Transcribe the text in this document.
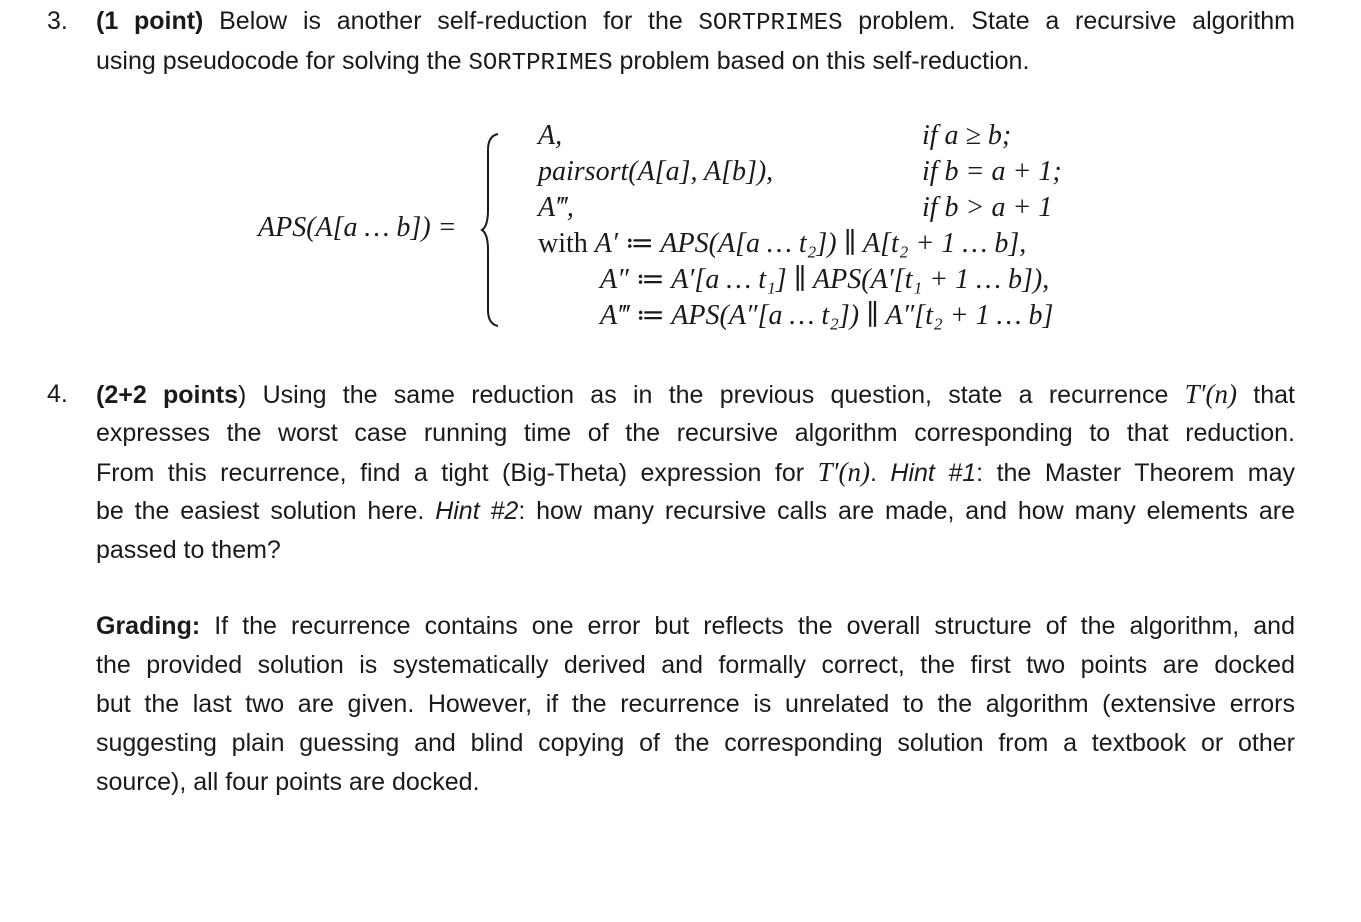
3. (1 point) Below is another self-reduction for the SORTPRIMES problem. State a recursive algorithm
using pseudocode for solving the SORTPRIMES problem based on this self-reduction.
APS(A[a … b]) =
A,	if a ≥ b;
pairsort(A[a], A[b]),	if b = a + 1;
A‴,	if b > a + 1
with A′ ≔ APS(A[a … t₂]) ∥ A[t₂ + 1 … b],
A″ ≔ A′[a … t₁] ∥ APS(A′[t₁ + 1 … b]),
A‴ ≔ APS(A″[a … t₂]) ∥ A″[t₂ + 1 … b]
4. (2+2 points) Using the same reduction as in the previous question, state a recurrence T′(n) that
expresses the worst case running time of the recursive algorithm corresponding to that reduction.
From this recurrence, find a tight (Big-Theta) expression for T′(n). Hint #1: the Master Theorem may
be the easiest solution here. Hint #2: how many recursive calls are made, and how many elements are
passed to them?
Grading: If the recurrence contains one error but reflects the overall structure of the algorithm, and
the provided solution is systematically derived and formally correct, the first two points are docked
but the last two are given. However, if the recurrence is unrelated to the algorithm (extensive errors
suggesting plain guessing and blind copying of the corresponding solution from a textbook or other
source), all four points are docked.
